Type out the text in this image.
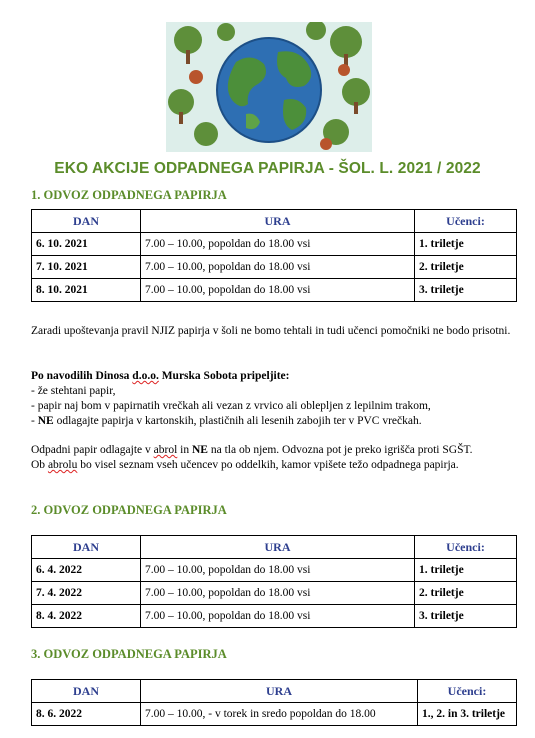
EKO AKCIJE ODPADNEGA PAPIRJA - ŠOL. L. 2021 / 2022
1. ODVOZ ODPADNEGA PAPIRJA
DAN	URA	Učenci:
6. 10. 2021	7.00 – 10.00, popoldan do 18.00 vsi	1. triletje
7. 10. 2021	7.00 – 10.00, popoldan do 18.00 vsi	2. triletje
8. 10. 2021	7.00 – 10.00, popoldan do 18.00 vsi	3. triletje

Zaradi upoštevanja pravil NJIZ papirja v šoli ne bomo tehtali in tudi učenci pomočniki ne bodo prisotni.

Po navodilih Dinosa d.o.o. Murska Sobota pripeljite:

- že stehtani papir,

- papir naj bom v papirnatih vrečkah ali vezan z vrvico ali oblepljen z lepilnim trakom,

- NE odlagajte papirja v kartonskih, plastičnih ali lesenih zabojih ter v PVC vrečkah.

Odpadni papir odlagajte v abrol in NE na tla ob njem. Odvozna pot je preko igrišča proti SGŠT.

Ob abrolu bo visel seznam vseh učencev po oddelkih, kamor vpišete težo odpadnega papirja.

2. ODVOZ ODPADNEGA PAPIRJA
DAN	URA	Učenci:
6. 4. 2022	7.00 – 10.00, popoldan do 18.00 vsi	1. triletje
7. 4. 2022	7.00 – 10.00, popoldan do 18.00 vsi	2. triletje
8. 4. 2022	7.00 – 10.00, popoldan do 18.00 vsi	3. triletje
3. ODVOZ ODPADNEGA PAPIRJA
DAN	URA	Učenci:
8. 6. 2022	7.00 – 10.00, - v torek in sredo popoldan do 18.00	1., 2. in 3. triletje
